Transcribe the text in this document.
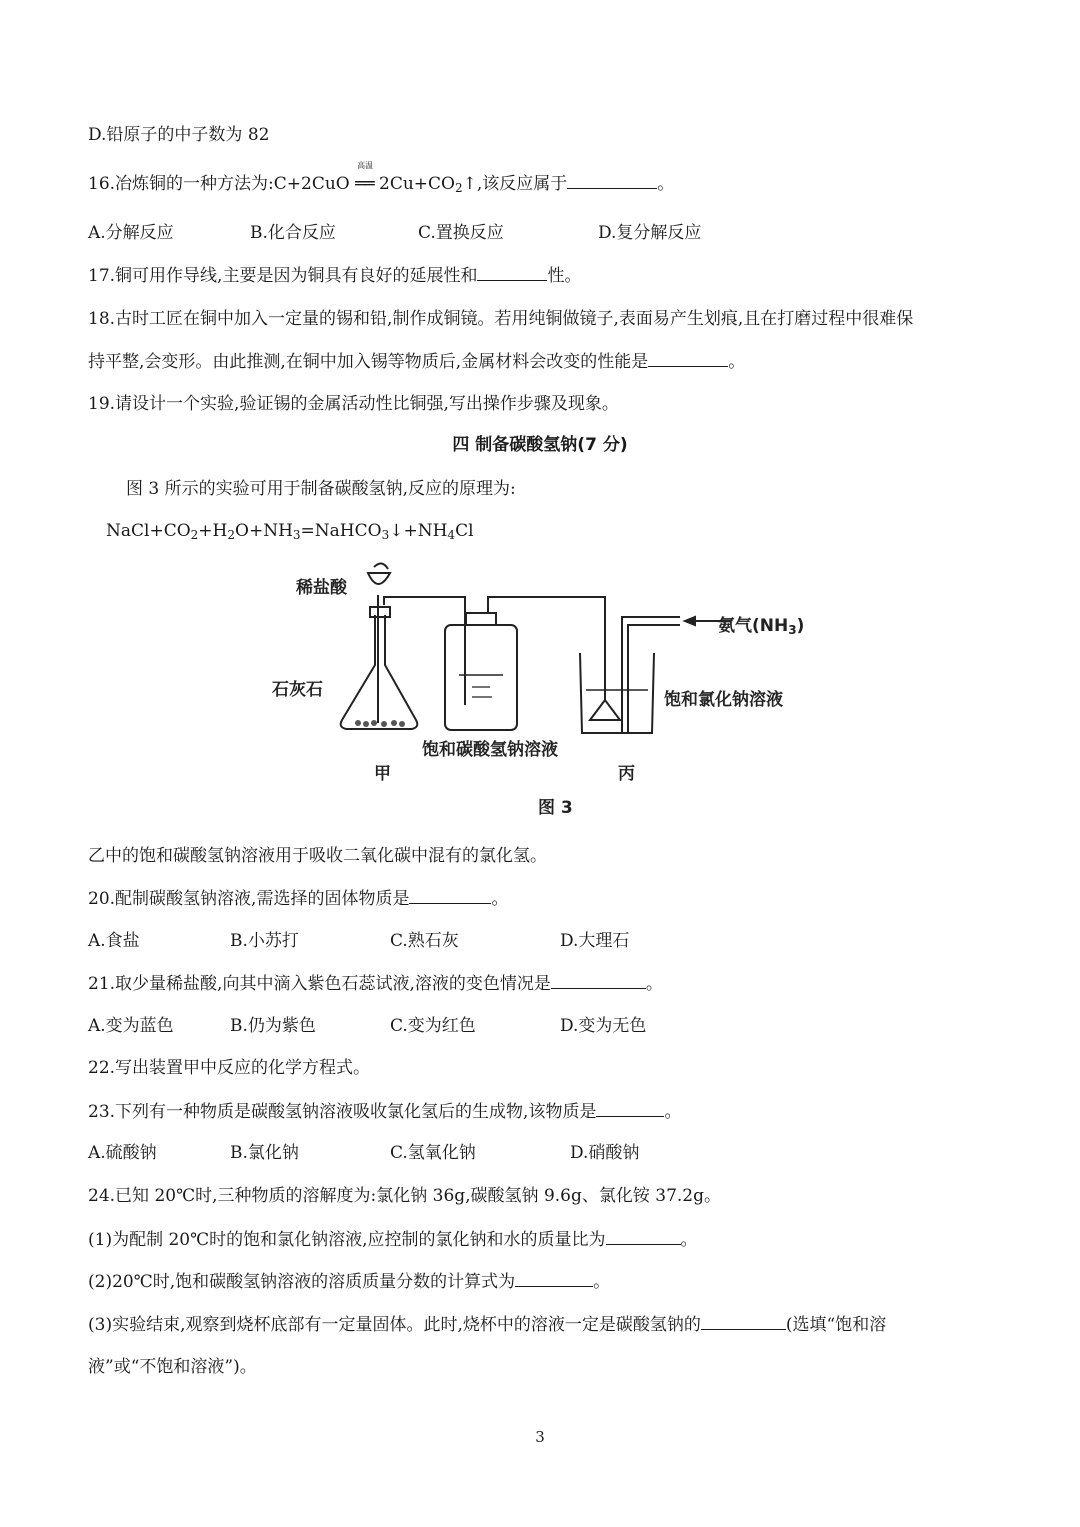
D.铅原子的中子数为 82
16.冶炼铜的一种方法为:C+2CuO
高温
══ $2Cu+CO_2↑$,该反应属于	。
A.分解反应	B.化合反应	C.置换反应	D.复分解反应
17.铜可用作导线,主要是因为铜具有良好的延展性和	性。
18.古时工匠在铜中加入一定量的锡和铅,制作成铜镜。若用纯铜做镜子,表面易产生划痕,且在打磨过程中很难保
持平整,会变形。由此推测,在铜中加入锡等物质后,金属材料会改变的性能是	。
19.请设计一个实验,验证锡的金属活动性比铜强,写出操作步骤及现象。
四 制备碳酸氢钠(7 分)
图 3 所示的实验可用于制备碳酸氢钠,反应的原理为:
$NaCl+CO_2+H_2O+NH_3=NaHCO_3↓+NH_4Cl$
稀盐酸
石灰石
氨气$(NH_3)$
饱和氯化钠溶液
饱和碳酸氢钠溶液
甲	丙
图 3
乙中的饱和碳酸氢钠溶液用于吸收二氧化碳中混有的氯化氢。
20.配制碳酸氢钠溶液,需选择的固体物质是	。
A.食盐	B.小苏打	C.熟石灰	D.大理石
21.取少量稀盐酸,向其中滴入紫色石蕊试液,溶液的变色情况是	。
A.变为蓝色	B.仍为紫色	C.变为红色	D.变为无色
22.写出装置甲中反应的化学方程式。
23.下列有一种物质是碳酸氢钠溶液吸收氯化氢后的生成物,该物质是	。
A.硫酸钠	B.氯化钠	C.氢氧化钠	D.硝酸钠
24.已知 20℃时,三种物质的溶解度为:氯化钠 36g,碳酸氢钠 9.6g、氯化铵 37.2g。
(1)为配制 20℃时的饱和氯化钠溶液,应控制的氯化钠和水的质量比为	。
(2)20℃时,饱和碳酸氢钠溶液的溶质质量分数的计算式为	。
(3)实验结束,观察到烧杯底部有一定量固体。此时,烧杯中的溶液一定是碳酸氢钠的	(选填“饱和溶
液”或“不饱和溶液”)。
3
